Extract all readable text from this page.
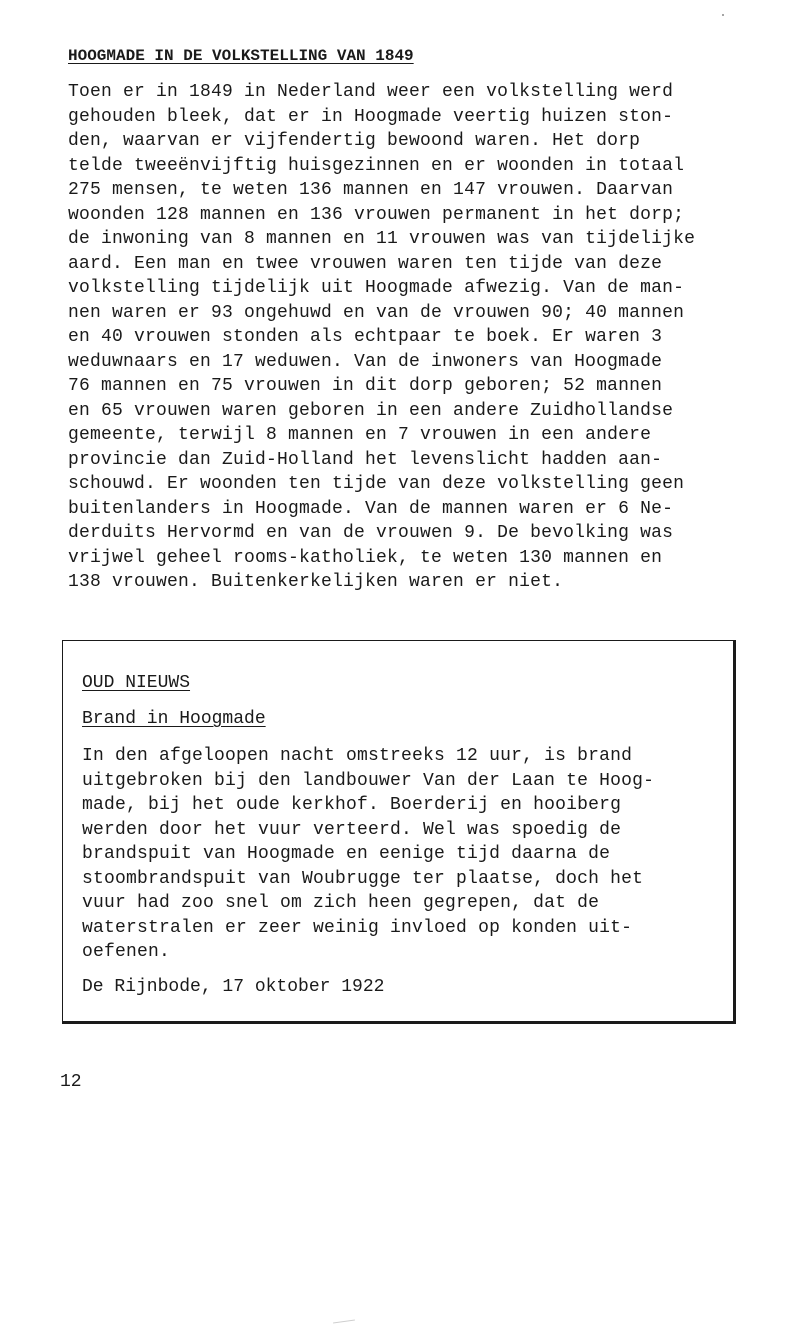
HOOGMADE IN DE VOLKSTELLING VAN 1849
Toen er in 1849 in Nederland weer een volkstelling werd
gehouden bleek, dat er in Hoogmade veertig huizen ston-
den, waarvan er vijfendertig bewoond waren. Het dorp
telde tweeënvijftig huisgezinnen en er woonden in totaal
275 mensen, te weten 136 mannen en 147 vrouwen. Daarvan
woonden 128 mannen en 136 vrouwen permanent in het dorp;
de inwoning van 8 mannen en 11 vrouwen was van tijdelijke
aard. Een man en twee vrouwen waren ten tijde van deze
volkstelling tijdelijk uit Hoogmade afwezig. Van de man-
nen waren er 93 ongehuwd en van de vrouwen 90; 40 mannen
en 40 vrouwen stonden als echtpaar te boek. Er waren 3
weduwnaars en 17 weduwen. Van de inwoners van Hoogmade
76 mannen en 75 vrouwen in dit dorp geboren; 52 mannen
en 65 vrouwen waren geboren in een andere Zuidhollandse
gemeente, terwijl 8 mannen en 7 vrouwen in een andere
provincie dan Zuid-Holland het levenslicht hadden aan-
schouwd. Er woonden ten tijde van deze volkstelling geen
buitenlanders in Hoogmade. Van de mannen waren er 6 Ne-
derduits Hervormd en van de vrouwen 9. De bevolking was
vrijwel geheel rooms-katholiek, te weten 130 mannen en
138 vrouwen. Buitenkerkelijken waren er niet.

OUD NIEUWS

Brand in Hoogmade

In den afgeloopen nacht omstreeks 12 uur, is brand
uitgebroken bij den landbouwer Van der Laan te Hoog-
made, bij het oude kerkhof. Boerderij en hooiberg
werden door het vuur verteerd. Wel was spoedig de
brandspuit van Hoogmade en eenige tijd daarna de
stoombrandspuit van Woubrugge ter plaatse, doch het
vuur had zoo snel om zich heen gegrepen, dat de
waterstralen er zeer weinig invloed op konden uit-
oefenen.

De Rijnbode, 17 oktober 1922

12
